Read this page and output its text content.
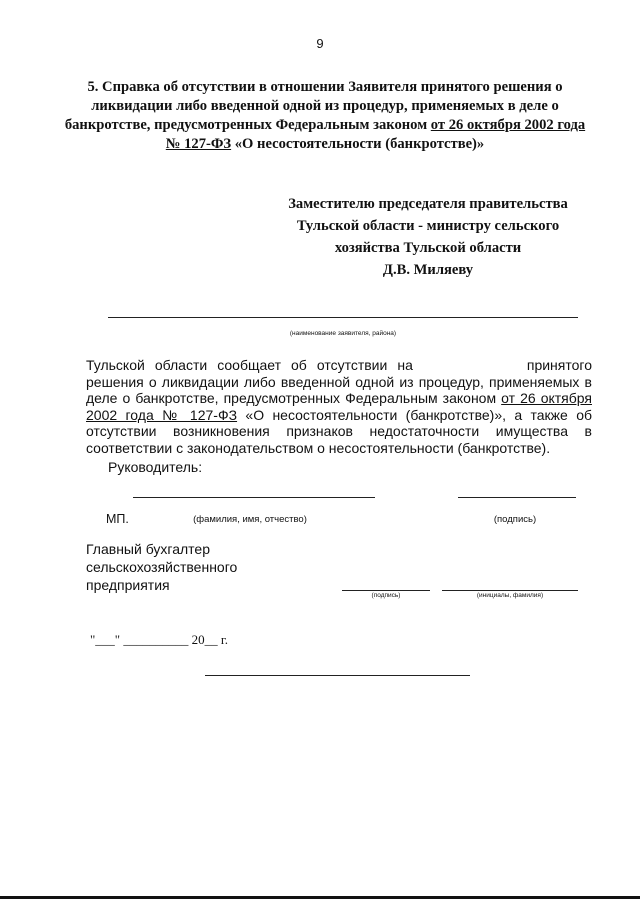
9
5. Справка об отсутствии в отношении Заявителя принятого решения о ликвидации либо введенной одной из процедур, применяемых в деле о банкротстве, предусмотренных Федеральным законом от 26 октября 2002 года № 127-ФЗ «О несостоятельности (банкротстве)»
Заместителю председателя правительства
Тульской области - министру сельского
хозяйства Тульской области
Д.В. Миляеву
(наименование заявителя, района)
Тульской области сообщает об отсутствии на	принятого решения о ликвидации либо введенной одной из процедур, применяемых в деле о банкротстве, предусмотренных Федеральным законом от 26 октября 2002 года № 127-ФЗ «О несостоятельности (банкротстве)», а также об отсутствии возникновения признаков недостаточности имущества в соответствии с законодательством о несостоятельности (банкротстве).
Руководитель:
МП.	(фамилия, имя, отчество)	(подпись)
Главный бухгалтер
сельскохозяйственного
предприятия
(подпись)	(инициалы, фамилия)
"___" __________ 20__ г.
